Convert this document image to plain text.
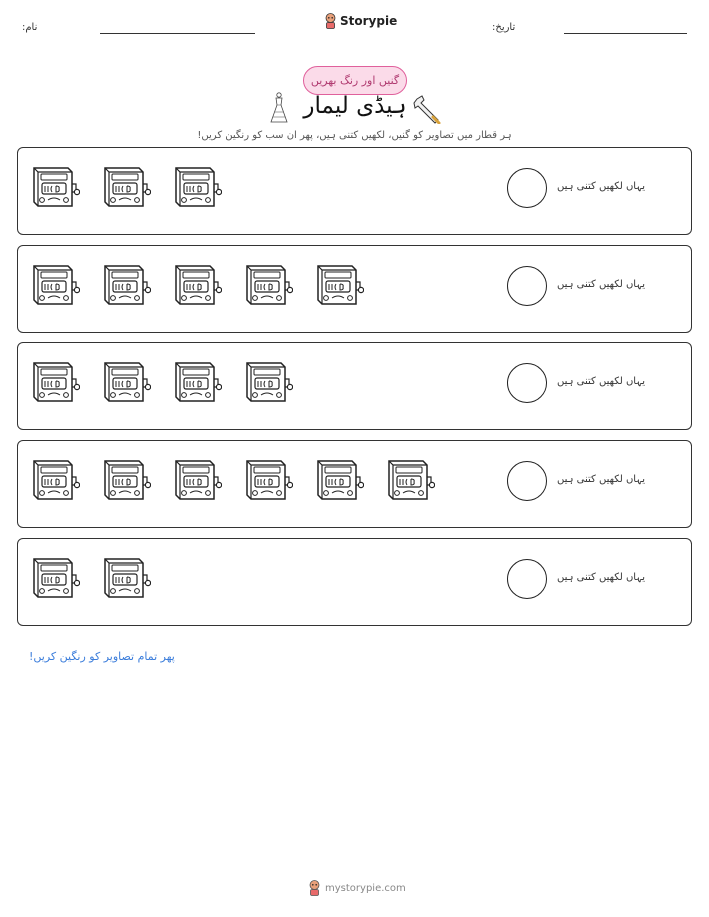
نام:	Storypie	تاریخ:
گنیں اور رنگ بھریں
ہیڈی لیمار
ہر قطار میں تصاویر کو گنیں، لکھیں کتنی ہیں، پھر ان سب کو رنگین کریں!
یہاں لکھیں کتنی ہیں
یہاں لکھیں کتنی ہیں
یہاں لکھیں کتنی ہیں
یہاں لکھیں کتنی ہیں
یہاں لکھیں کتنی ہیں
پھر تمام تصاویر کو رنگین کریں!
mystorypie.com
